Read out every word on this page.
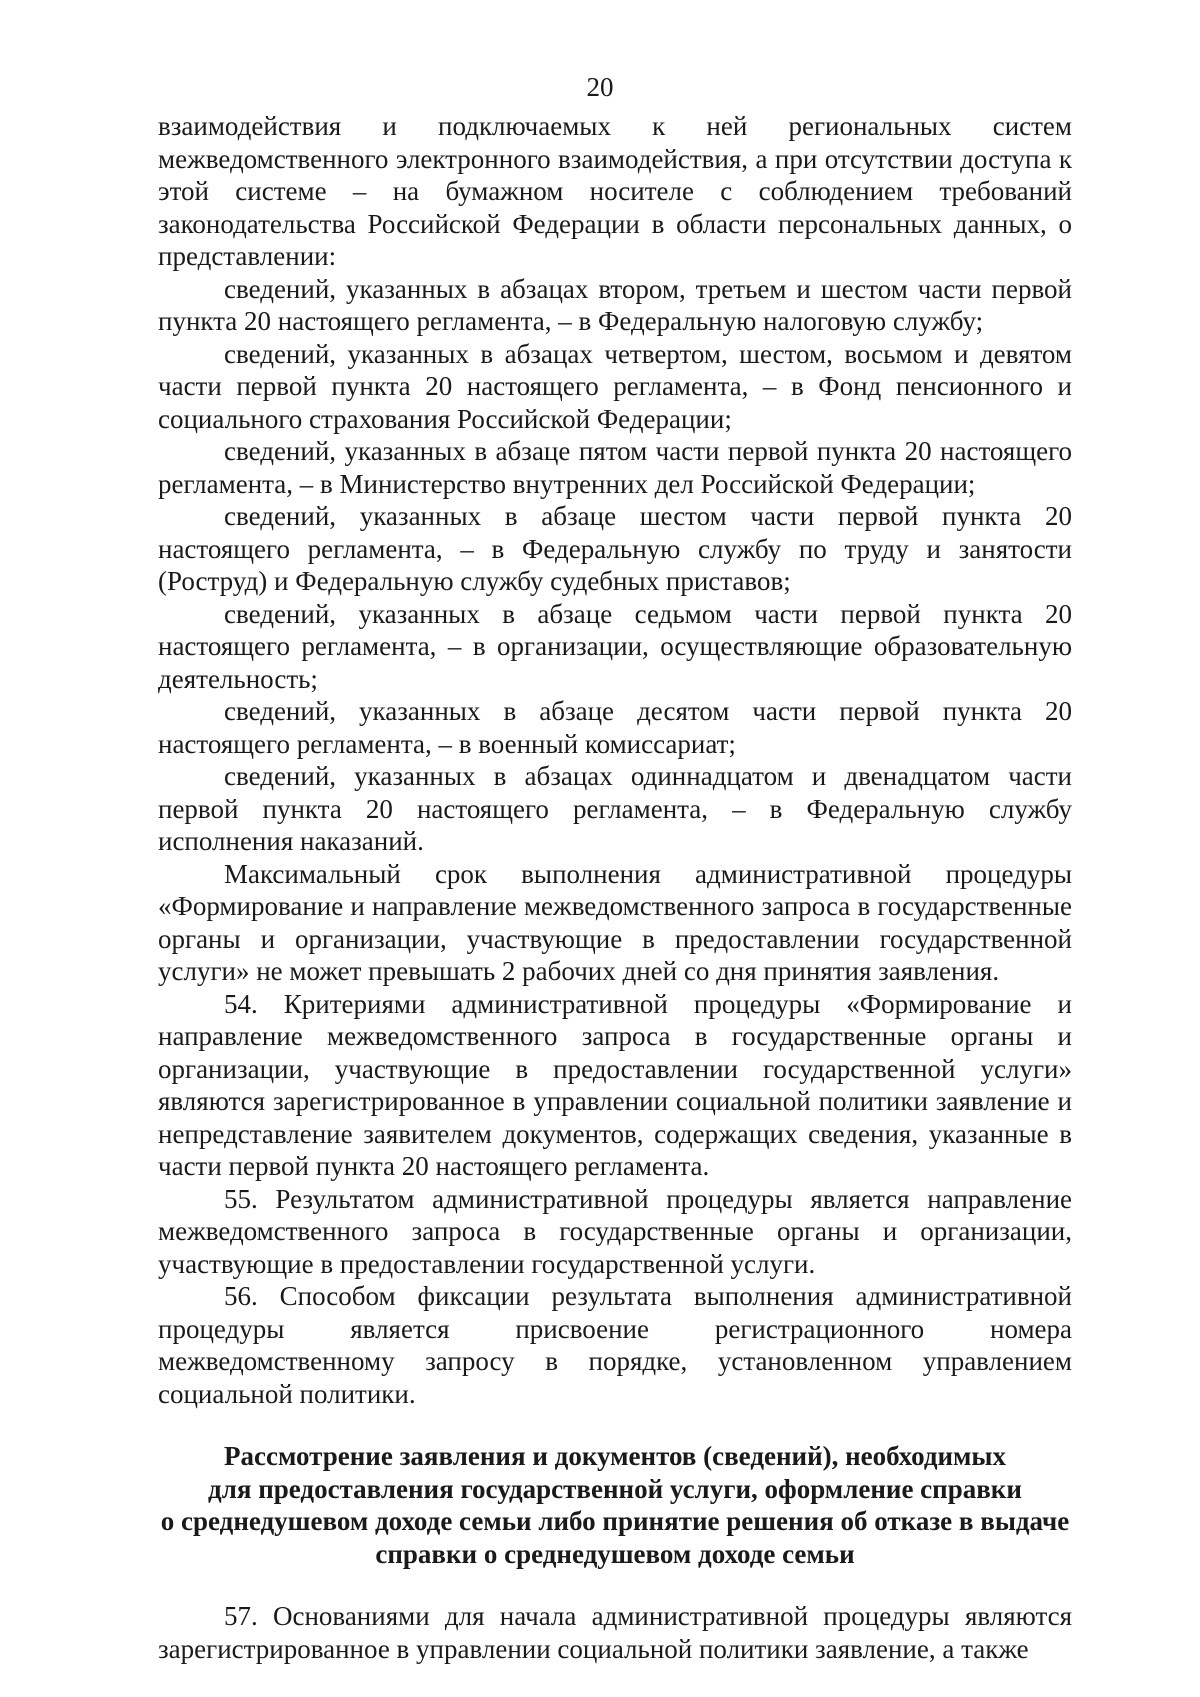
20

взаимодействия и подключаемых к ней региональных систем межведомственного электронного взаимодействия, а при отсутствии доступа к этой системе – на бумажном носителе с соблюдением требований законодательства Российской Федерации в области персональных данных, о представлении:

сведений, указанных в абзацах втором, третьем и шестом части первой пункта 20 настоящего регламента, – в Федеральную налоговую службу;

сведений, указанных в абзацах четвертом, шестом, восьмом и девятом части первой пункта 20 настоящего регламента, – в Фонд пенсионного и социального страхования Российской Федерации;

сведений, указанных в абзаце пятом части первой пункта 20 настоящего регламента, – в Министерство внутренних дел Российской Федерации;

сведений, указанных в абзаце шестом части первой пункта 20 настоящего регламента, – в Федеральную службу по труду и занятости (Роструд) и Федеральную службу судебных приставов;

сведений, указанных в абзаце седьмом части первой пункта 20 настоящего регламента, – в организации, осуществляющие образовательную деятельность;

сведений, указанных в абзаце десятом части первой пункта 20 настоящего регламента, – в военный комиссариат;

сведений, указанных в абзацах одиннадцатом и двенадцатом части первой пункта 20 настоящего регламента, – в Федеральную службу исполнения наказаний.

Максимальный срок выполнения административной процедуры «Формирование и направление межведомственного запроса в государственные органы и организации, участвующие в предоставлении государственной услуги» не может превышать 2 рабочих дней со дня принятия заявления.

54. Критериями административной процедуры «Формирование и направление межведомственного запроса в государственные органы и организации, участвующие в предоставлении государственной услуги» являются зарегистрированное в управлении социальной политики заявление и непредставление заявителем документов, содержащих сведения, указанные в части первой пункта 20 настоящего регламента.

55. Результатом административной процедуры является направление межведомственного запроса в государственные органы и организации, участвующие в предоставлении государственной услуги.

56. Способом фиксации результата выполнения административной процедуры является присвоение регистрационного номера межведомственному запросу в порядке, установленном управлением социальной политики.

Рассмотрение заявления и документов (сведений), необходимых
для предоставления государственной услуги, оформление справки
о среднедушевом доходе семьи либо принятие решения об отказе в выдаче
справки о среднедушевом доходе семьи

57. Основаниями для начала административной процедуры являются зарегистрированное в управлении социальной политики заявление, а также
